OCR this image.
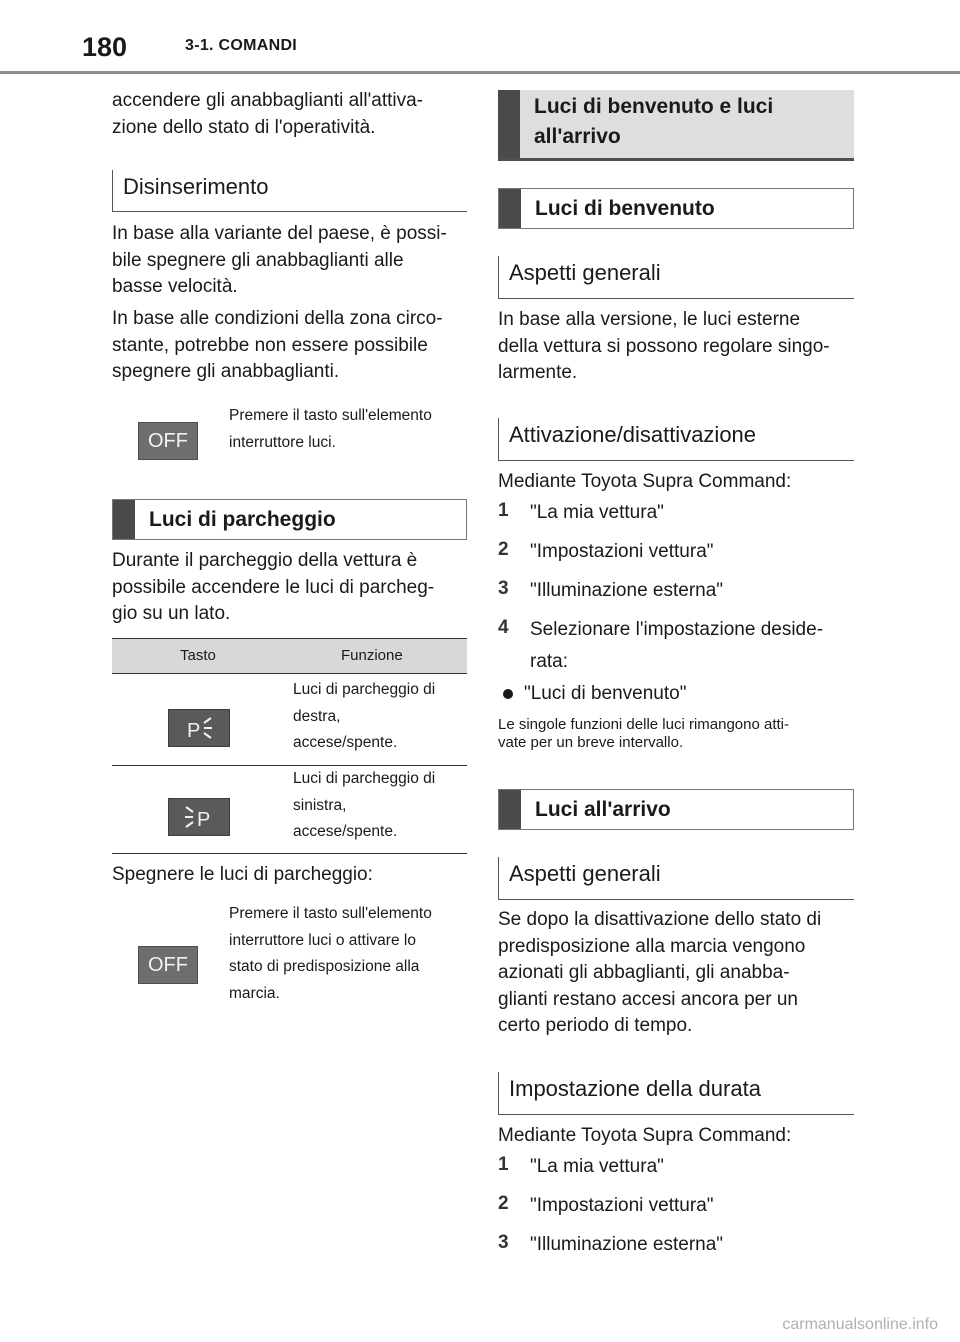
180	3-1. COMANDI
accendere gli anabbaglianti all'attiva-
zione dello stato di l'operatività.
Disinserimento
In base alla variante del paese, è possi-
bile spegnere gli anabbaglianti alle
basse velocità.
In base alle condizioni della zona circo-
stante, potrebbe non essere possibile
spegnere gli anabbaglianti.
OFF
Premere il tasto sull'elemento
interruttore luci.
Luci di parcheggio
Durante il parcheggio della vettura è
possibile accendere le luci di parcheg-
gio su un lato.
Tasto	Funzione
P
Luci di parcheggio di
destra,
accese/spente.
P
Luci di parcheggio di
sinistra,
accese/spente.
Spegnere le luci di parcheggio:
OFF
Premere il tasto sull'elemento
interruttore luci o attivare lo
stato di predisposizione alla
marcia.
Luci di benvenuto e luci
all'arrivo
Luci di benvenuto
Aspetti generali
In base alla versione, le luci esterne
della vettura si possono regolare singo-
larmente.
Attivazione/disattivazione
Mediante Toyota Supra Command:
1 "La mia vettura"
2 "Impostazioni vettura"
3 "Illuminazione esterna"
4 Selezionare l'impostazione deside-
rata:
"Luci di benvenuto"
Le singole funzioni delle luci rimangono atti-
vate per un breve intervallo.
Luci all'arrivo
Aspetti generali
Se dopo la disattivazione dello stato di
predisposizione alla marcia vengono
azionati gli abbaglianti, gli anabba-
glianti restano accesi ancora per un
certo periodo di tempo.
Impostazione della durata
Mediante Toyota Supra Command:
1 "La mia vettura"
2 "Impostazioni vettura"
3 "Illuminazione esterna"
carmanualsonline.info
